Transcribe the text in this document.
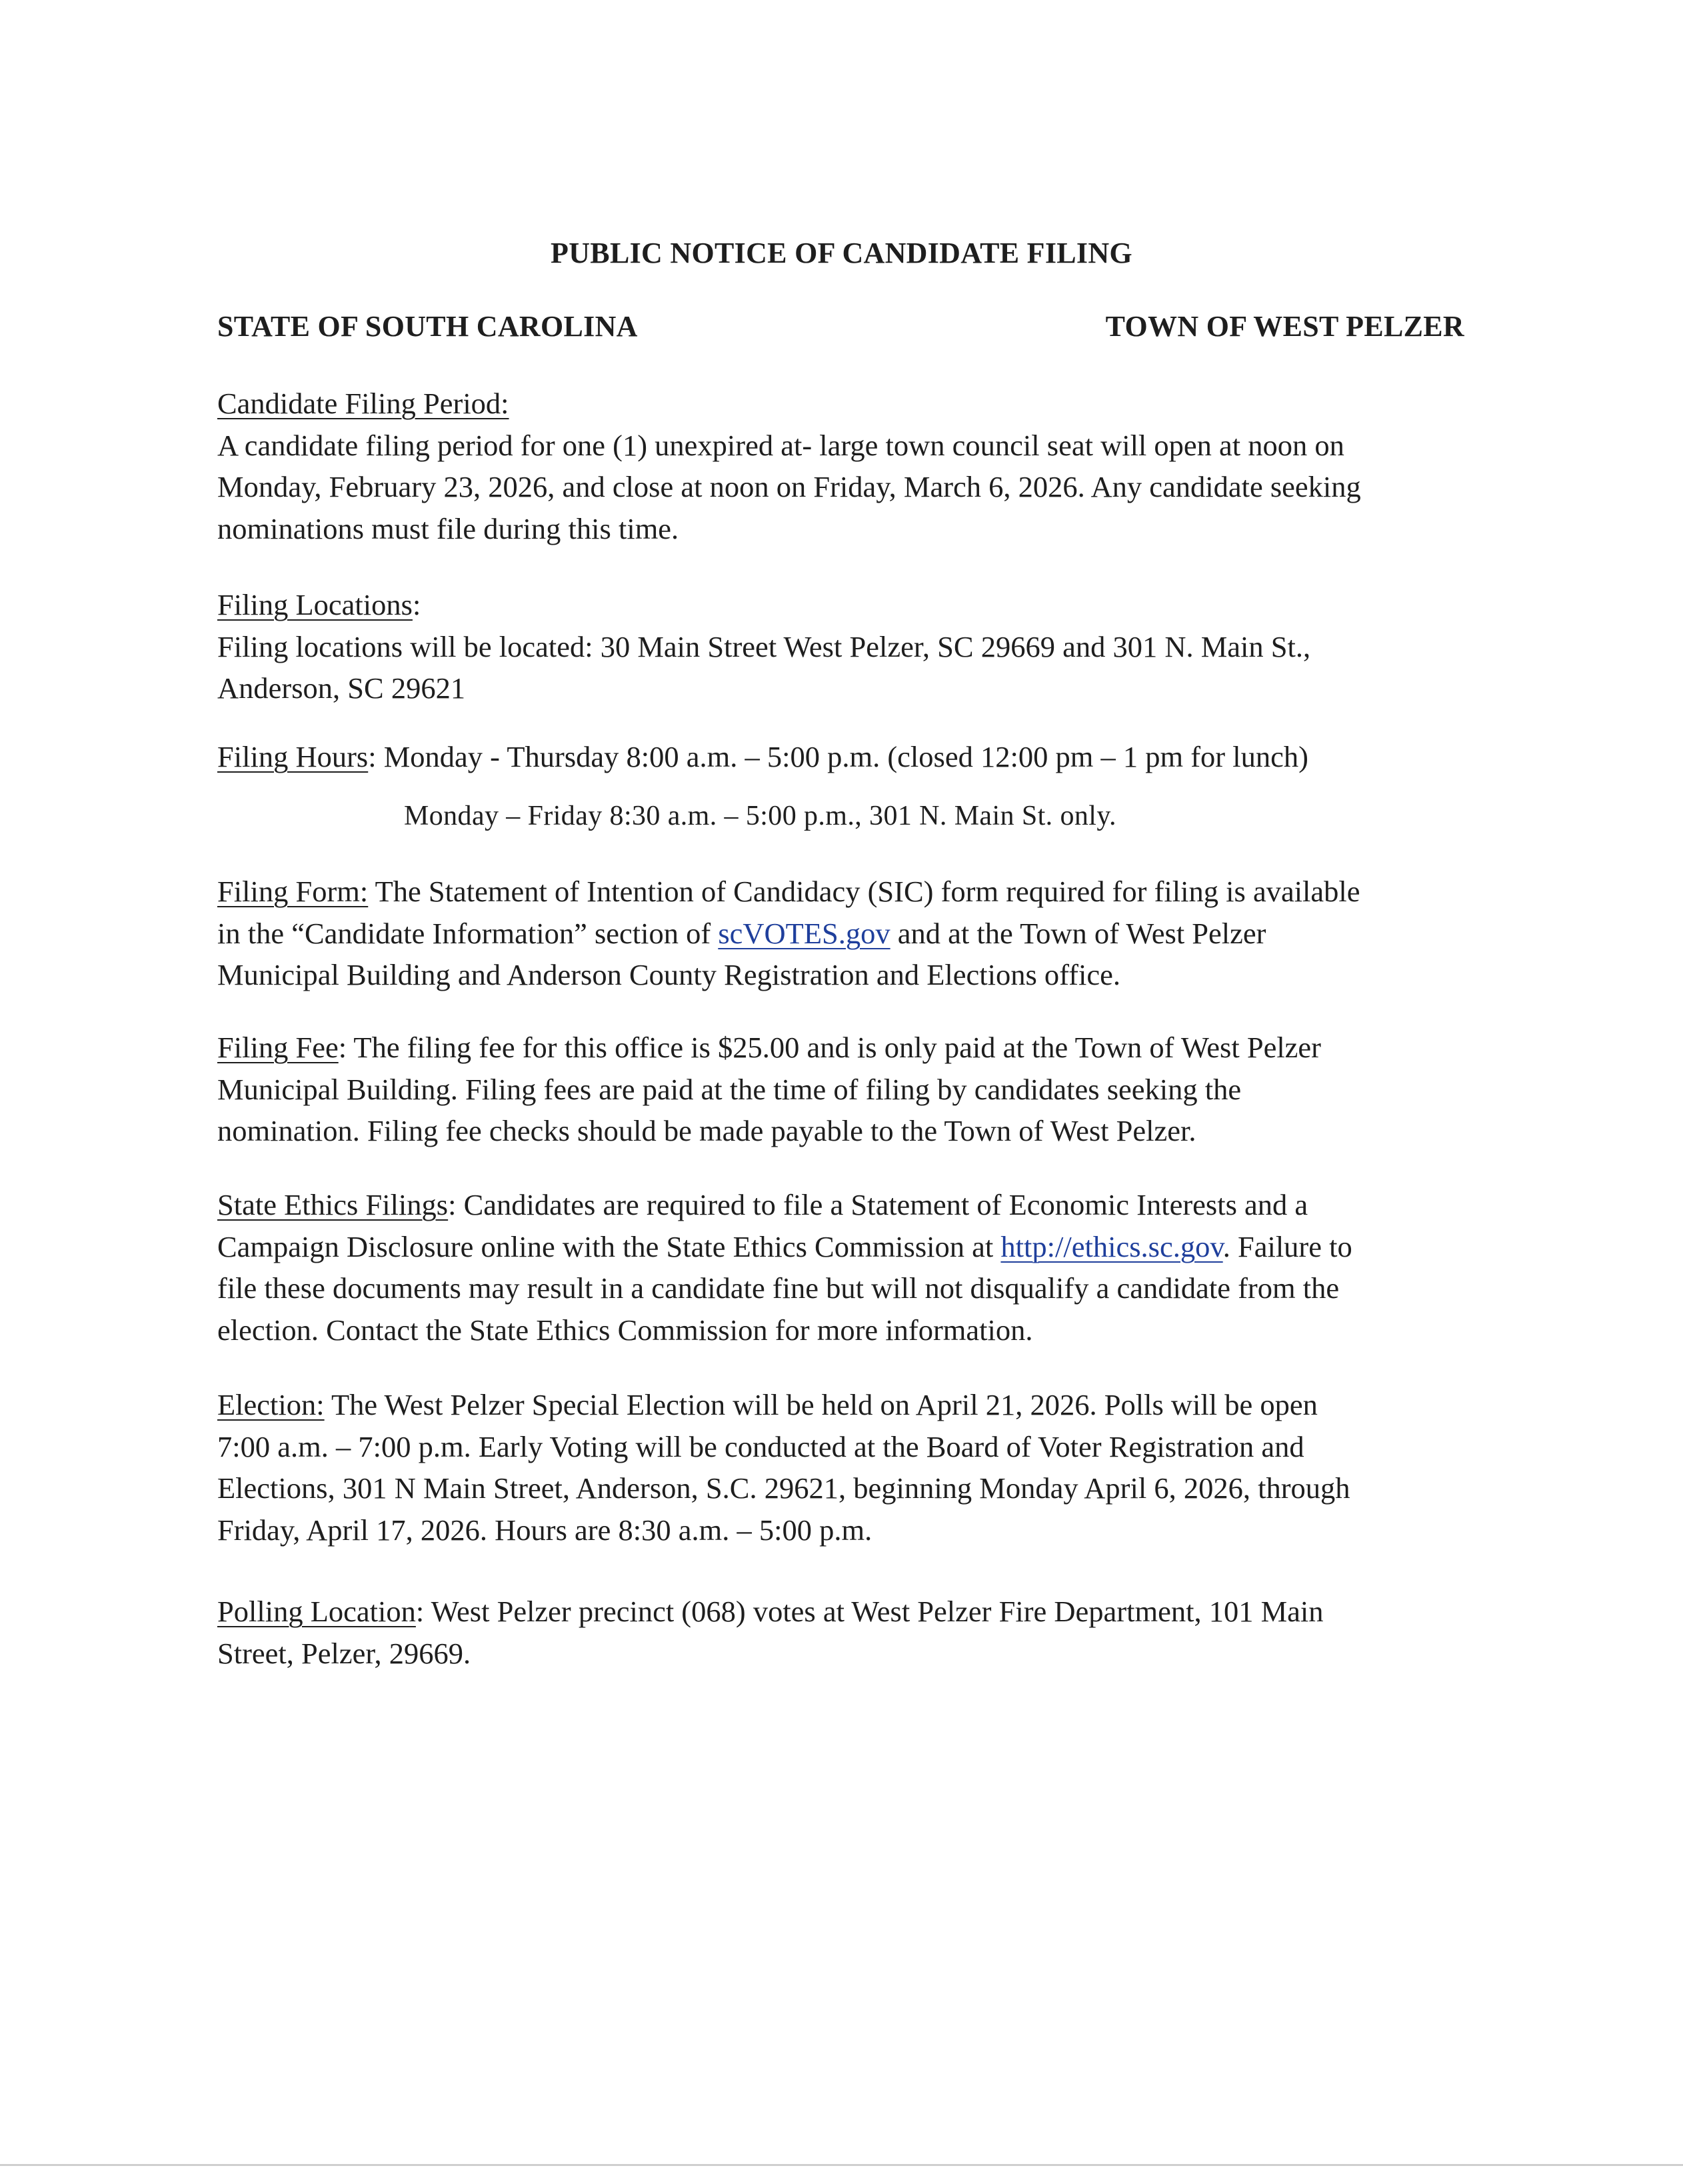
PUBLIC NOTICE OF CANDIDATE FILING
STATE OF SOUTH CAROLINA	TOWN OF WEST PELZER
Candidate Filing Period:
A candidate filing period for one (1) unexpired at- large town council seat will open at noon on
Monday, February 23, 2026, and close at noon on Friday, March 6, 2026. Any candidate seeking
nominations must file during this time.
Filing Locations:
Filing locations will be located: 30 Main Street West Pelzer, SC 29669 and 301 N. Main St.,
Anderson, SC 29621
Filing Hours: Monday - Thursday 8:00 a.m. – 5:00 p.m. (closed 12:00 pm – 1 pm for lunch)
Monday – Friday 8:30 a.m. – 5:00 p.m., 301 N. Main St. only.
Filing Form: The Statement of Intention of Candidacy (SIC) form required for filing is available
in the “Candidate Information” section of scVOTES.gov and at the Town of West Pelzer
Municipal Building and Anderson County Registration and Elections office.
Filing Fee: The filing fee for this office is $25.00 and is only paid at the Town of West Pelzer
Municipal Building. Filing fees are paid at the time of filing by candidates seeking the
nomination. Filing fee checks should be made payable to the Town of West Pelzer.
State Ethics Filings: Candidates are required to file a Statement of Economic Interests and a
Campaign Disclosure online with the State Ethics Commission at http://ethics.sc.gov. Failure to
file these documents may result in a candidate fine but will not disqualify a candidate from the
election. Contact the State Ethics Commission for more information.
Election: The West Pelzer Special Election will be held on April 21, 2026. Polls will be open
7:00 a.m. – 7:00 p.m. Early Voting will be conducted at the Board of Voter Registration and
Elections, 301 N Main Street, Anderson, S.C. 29621, beginning Monday April 6, 2026, through
Friday, April 17, 2026. Hours are 8:30 a.m. – 5:00 p.m.
Polling Location: West Pelzer precinct (068) votes at West Pelzer Fire Department, 101 Main
Street, Pelzer, 29669.
